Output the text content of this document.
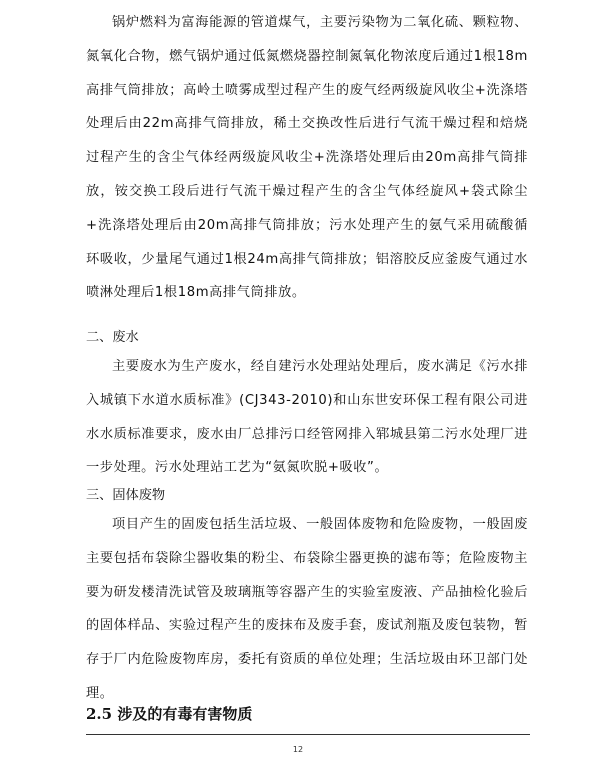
锅炉燃料为富海能源的管道煤气，主要污染物为二氧化硫、颗粒物、氮氧化合物，燃气锅炉通过低氮燃烧器控制氮氧化物浓度后通过1根18m高排气筒排放；高岭土喷雾成型过程产生的废气经两级旋风收尘+洗涤塔处理后由22m高排气筒排放，稀土交换改性后进行气流干燥过程和焙烧过程产生的含尘气体经两级旋风收尘+洗涤塔处理后由20m高排气筒排放，铵交换工段后进行气流干燥过程产生的含尘气体经旋风+袋式除尘+洗涤塔处理后由20m高排气筒排放；污水处理产生的氨气采用硫酸循环吸收，少量尾气通过1根24m高排气筒排放；铝溶胶反应釜废气通过水喷淋处理后1根18m高排气筒排放。

二、废水

主要废水为生产废水，经自建污水处理站处理后，废水满足《污水排入城镇下水道水质标准》(CJ343-2010)和山东世安环保工程有限公司进水水质标准要求，废水由厂总排污口经管网排入郓城县第二污水处理厂进一步处理。污水处理站工艺为“氨氮吹脱+吸收”。

三、固体废物

项目产生的固废包括生活垃圾、一般固体废物和危险废物，一般固废主要包括布袋除尘器收集的粉尘、布袋除尘器更换的滤布等；危险废物主要为研发楼清洗试管及玻璃瓶等容器产生的实验室废液、产品抽检化验后的固体样品、实验过程产生的废抹布及废手套，废试剂瓶及废包装物，暂存于厂内危险废物库房，委托有资质的单位处理；生活垃圾由环卫部门处理。

2.5 涉及的有毒有害物质

12
